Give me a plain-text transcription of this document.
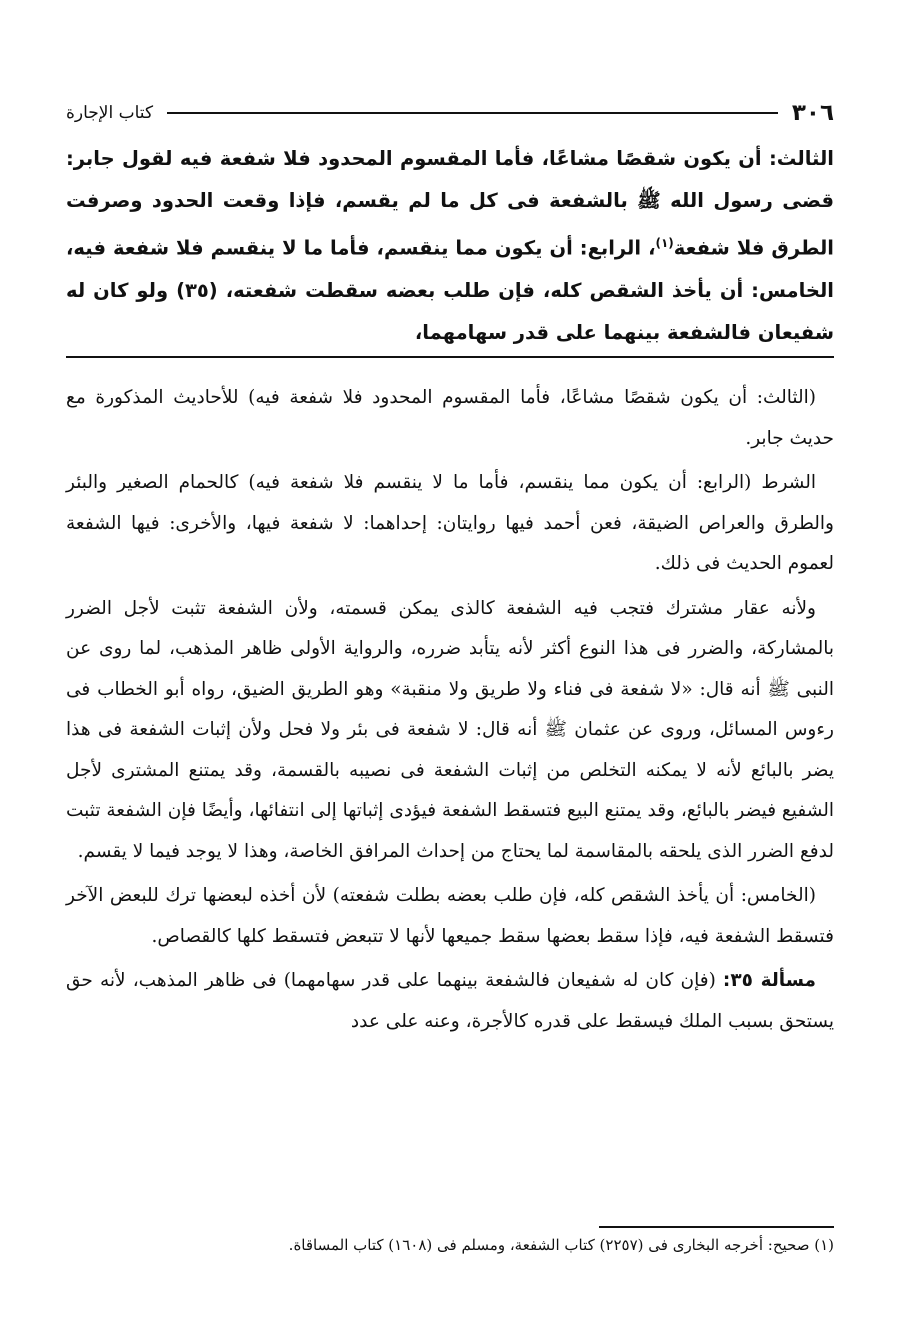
٣٠٦
كتاب الإجارة
الثالث: أن يكون شقصًا مشاعًا، فأما المقسوم المحدود فلا شفعة فيه لقول جابر: قضى رسول الله ﷺ بالشفعة فى كل ما لم يقسم، فإذا وقعت الحدود وصرفت الطرق فلا شفعة$^{(١)}$، الرابع: أن يكون مما ينقسم، فأما ما لا ينقسم فلا شفعة فيه، الخامس: أن يأخذ الشقص كله، فإن طلب بعضه سقطت شفعته، (٣٥) ولو كان له شفيعان فالشفعة بينهما على قدر سهامهما،

(الثالث: أن يكون شقصًا مشاعًا، فأما المقسوم المحدود فلا شفعة فيه) للأحاديث المذكورة مع حديث جابر.

الشرط (الرابع: أن يكون مما ينقسم، فأما ما لا ينقسم فلا شفعة فيه) كالحمام الصغير والبئر والطرق والعراص الضيقة، فعن أحمد فيها روايتان: إحداهما: لا شفعة فيها، والأخرى: فيها الشفعة لعموم الحديث فى ذلك.

ولأنه عقار مشترك فتجب فيه الشفعة كالذى يمكن قسمته، ولأن الشفعة تثبت لأجل الضرر بالمشاركة، والضرر فى هذا النوع أكثر لأنه يتأبد ضرره، والرواية الأولى ظاهر المذهب، لما روى عن النبى ﷺ أنه قال: «لا شفعة فى فناء ولا طريق ولا منقبة» وهو الطريق الضيق، رواه أبو الخطاب فى رءوس المسائل، وروى عن عثمان ﷺ أنه قال: لا شفعة فى بئر ولا فحل ولأن إثبات الشفعة فى هذا يضر بالبائع لأنه لا يمكنه التخلص من إثبات الشفعة فى نصيبه بالقسمة، وقد يمتنع المشترى لأجل الشفيع فيضر بالبائع، وقد يمتنع البيع فتسقط الشفعة فيؤدى إثباتها إلى انتفائها، وأيضًا فإن الشفعة تثبت لدفع الضرر الذى يلحقه بالمقاسمة لما يحتاج من إحداث المرافق الخاصة، وهذا لا يوجد فيما لا يقسم.

(الخامس: أن يأخذ الشقص كله، فإن طلب بعضه بطلت شفعته) لأن أخذه لبعضها ترك للبعض الآخر فتسقط الشفعة فيه، فإذا سقط بعضها سقط جميعها لأنها لا تتبعض فتسقط كلها كالقصاص.

مسألة ٣٥: (فإن كان له شفيعان فالشفعة بينهما على قدر سهامهما) فى ظاهر المذهب، لأنه حق يستحق بسبب الملك فيسقط على قدره كالأجرة، وعنه على عدد

(١) صحيح: أخرجه البخارى فى (٢٢٥٧) كتاب الشفعة، ومسلم فى (١٦٠٨) كتاب المساقاة.
